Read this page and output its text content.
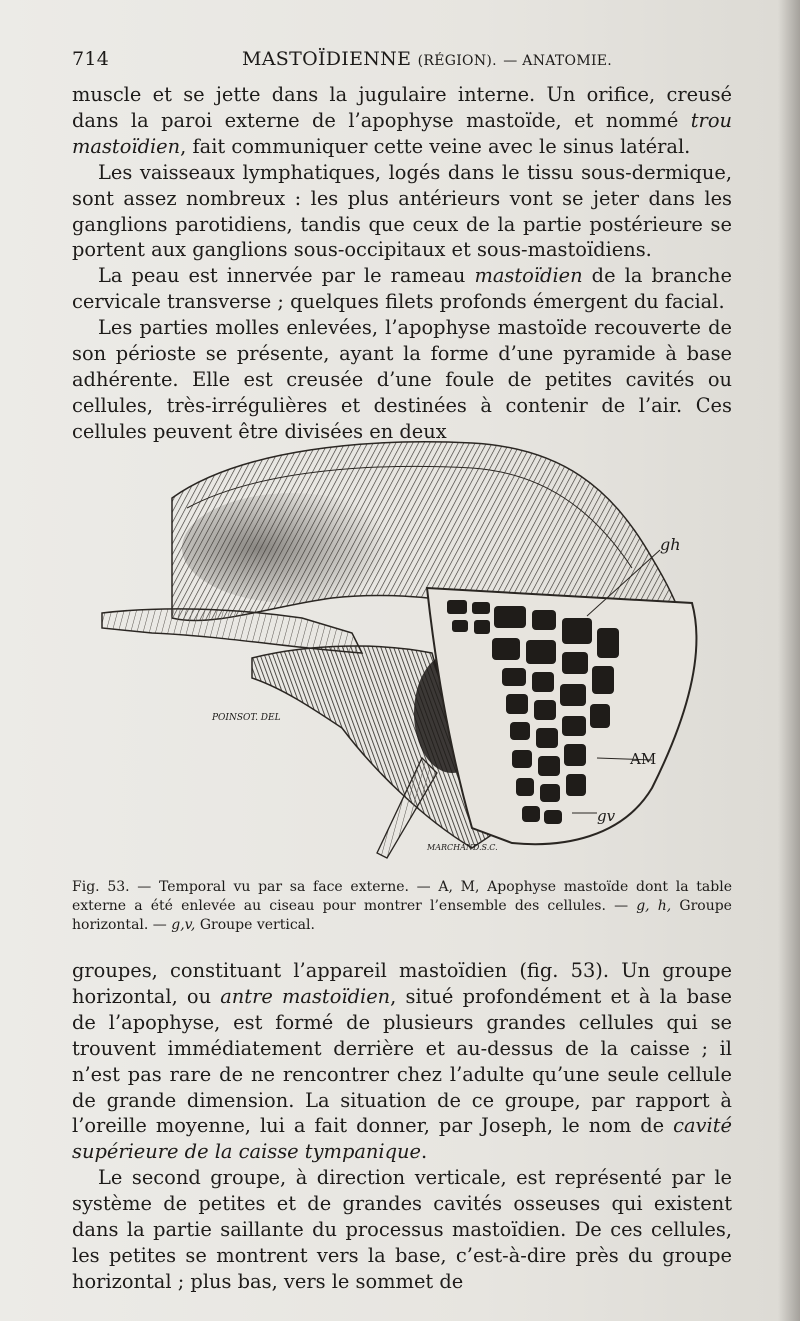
714	MASTOÏDIENNE (RÉGION). — ANATOMIE.

muscle et se jette dans la jugulaire interne. Un orifice, creusé dans la paroi externe de l’apophyse mastoïde, et nommé trou mastoïdien, fait communiquer cette veine avec le sinus latéral.

Les vaisseaux lymphatiques, logés dans le tissu sous-dermique, sont assez nombreux : les plus antérieurs vont se jeter dans les ganglions parotidiens, tandis que ceux de la partie postérieure se portent aux ganglions sous-occipitaux et sous-mastoïdiens.

La peau est innervée par le rameau mastoïdien de la branche cervicale transverse ; quelques filets profonds émergent du facial.

Les parties molles enlevées, l’apophyse mastoïde recouverte de son périoste se présente, ayant la forme d’une pyramide à base adhérente. Elle est creusée d’une foule de petites cavités ou cellules, très-irrégulières et destinées à contenir de l’air. Ces cellules peuvent être divisées en deux

gh
AM
gv
POINSOT. DEL
MARCHAND.S.C.
Fig. 53. — Temporal vu par sa face externe. — A, M, Apophyse mastoïde dont la table externe a été enlevée au ciseau pour montrer l’ensemble des cellules. — g, h, Groupe horizontal. — g,v, Groupe vertical.

groupes, constituant l’appareil mastoïdien (fig. 53). Un groupe horizontal, ou antre mastoïdien, situé profondément et à la base de l’apophyse, est formé de plusieurs grandes cellules qui se trouvent immédiatement derrière et au-dessus de la caisse ; il n’est pas rare de ne rencontrer chez l’adulte qu’une seule cellule de grande dimension. La situation de ce groupe, par rapport à l’oreille moyenne, lui a fait donner, par Joseph, le nom de cavité supérieure de la caisse tympanique.

Le second groupe, à direction verticale, est représenté par le système de petites et de grandes cavités osseuses qui existent dans la partie saillante du processus mastoïdien. De ces cellules, les petites se montrent vers la base, c’est-à-dire près du groupe horizontal ; plus bas, vers le sommet de
